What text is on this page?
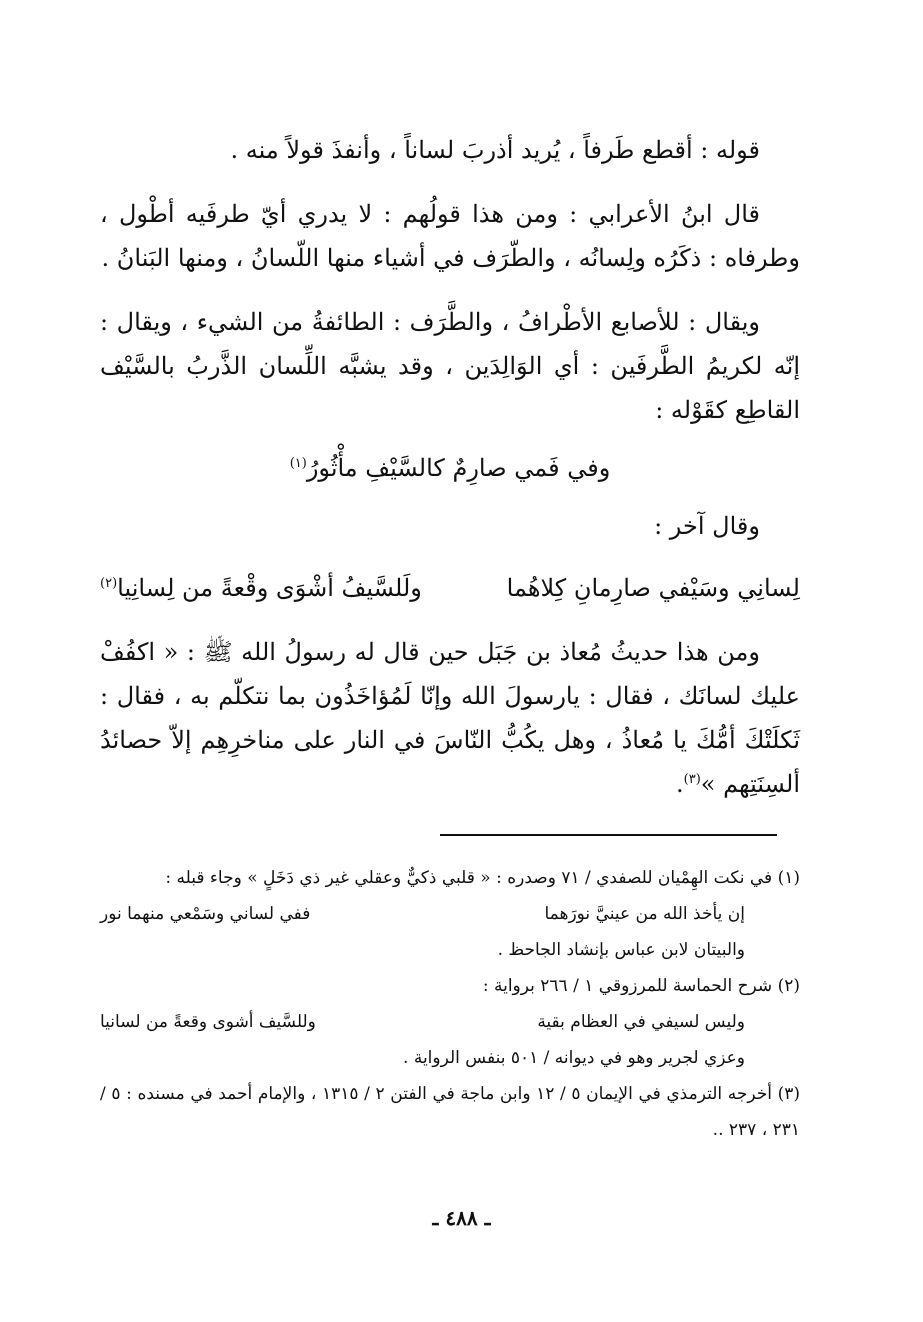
قوله : أقطع طَرفاً ، يُريد أذربَ لساناً ، وأنفذَ قولاً منه .

قال ابنُ الأعرابي : ومن هذا قولُهم : لا يدري أيّ طرفَيه أطْول ، وطرفاه : ذكَرُه ولِسانُه ، والطّرَف في أشياء منها اللّسانُ ، ومنها البَنانُ .

ويقال : للأصابع الأطْرافُ ، والطَّرَف : الطائفةُ من الشيء ، ويقال : إنّه لكريمُ الطَّرفَين : أي الوَالِدَين ، وقد يشبَّه اللِّسان الذَّربُ بالسَّيْف القاطِع كقَوْله :

وفي فَمي صارِمٌ كالسَّيْفِ مأْثُورُ$^{(١)}$

وقال آخر :

لِسانِي وسَيْفي صارِمانِ كِلاهُما
ولَلسَّيفُ أشْوَى وقْعةً من لِسانِيا$^{(٢)}$

ومن هذا حديثُ مُعاذ بن جَبَل حين قال له رسولُ الله ﷺ : « اكفُفْ عليك لسانَك ، فقال : يارسولَ الله وإنّا لَمُؤاخَذُون بما نتكلّم به ، فقال : ثَكلَتْكَ أمُّكَ يا مُعاذُ ، وهل يكُبُّ النّاسَ في النار على مناخرِهِم إلاّ حصائدُ ألسِنَتِهم »$^{(٣)}$.

(١) في نكت الهِمْيان للصفدي / ٧١ وصدره : « قلبي ذكيٌّ وعقلي غير ذي دَخَلٍ » وجاء قبله :

إن يأخذ الله من عينيَّ نورَهما
ففي لساني وسَمْعي منهما نور

والبيتان لابن عباس بإنشاد الجاحظ .

(٢) شرح الحماسة للمرزوقي ١ / ٢٦٦ برواية :

وليس لسيفي في العظام بقية
وللسَّيف أشوى وقعةً من لسانيا

وعزي لجرير وهو في ديوانه / ٥٠١ بنفس الرواية .

(٣) أخرجه الترمذي في الإيمان ٥ / ١٢ وابن ماجة في الفتن ٢ / ١٣١٥ ، والإمام أحمد في مسنده : ٥ / ٢٣١ ، ٢٣٧ ..

ـ ٤٨٨ ـ
